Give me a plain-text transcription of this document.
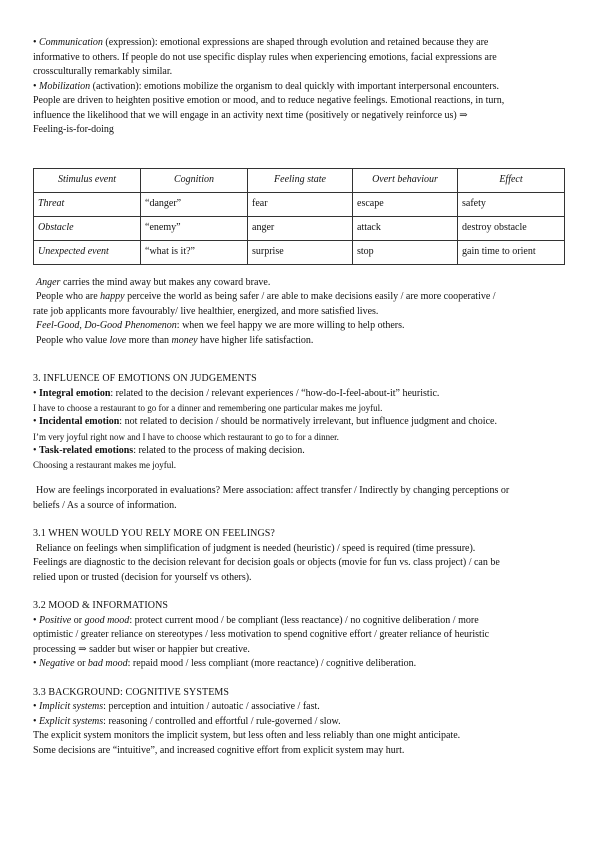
• Communication (expression): emotional expressions are shaped through evolution and retained because they are

informative to others. If people do not use specific display rules when experiencing emotions, facial expressions are

crossculturally remarkably similar.

• Mobilization (activation): emotions mobilize the organism to deal quickly with important interpersonal encounters.

People are driven to heighten positive emotion or mood, and to reduce negative feelings. Emotional reactions, in turn,

influence the likelihood that we will engage in an activity next time (positively or negatively reinforce us) ⇒

Feeling-is-for-doing

Stimulus event	Cognition	Feeling state	Overt behaviour	Effect
Threat	“danger”	fear	escape	safety
Obstacle	“enemy”	anger	attack	destroy obstacle
Unexpected event	“what is it?”	surprise	stop	gain time to orient

Anger carries the mind away but makes any coward brave.

People who are happy perceive the world as being safer / are able to make decisions easily / are more cooperative /

rate job applicants more favourably/ live healthier, energized, and more satisfied lives.

Feel-Good, Do-Good Phenomenon: when we feel happy we are more willing to help others.

People who value love more than money have higher life satisfaction.

3. INFLUENCE OF EMOTIONS ON JUDGEMENTS

• Integral emotion: related to the decision / relevant experiences / “how-do-I-feel-about-it” heuristic.

I have to choose a restaurant to go for a dinner and remembering one particular makes me joyful.

• Incidental emotion: not related to decision / should be normatively irrelevant, but influence judgment and choice.

I’m very joyful right now and I have to choose which restaurant to go to for a dinner.

• Task-related emotions: related to the process of making decision.

Choosing a restaurant makes me joyful.

How are feelings incorporated in evaluations? Mere association: affect transfer / Indirectly by changing perceptions or

beliefs / As a source of information.

3.1 WHEN WOULD YOU RELY MORE ON FEELINGS?

Reliance on feelings when simplification of judgment is needed (heuristic) / speed is required (time pressure).

Feelings are diagnostic to the decision relevant for decision goals or objects (movie for fun vs. class project) / can be

relied upon or trusted (decision for yourself vs others).

3.2 MOOD & INFORMATIONS

• Positive or good mood: protect current mood / be compliant (less reactance) / no cognitive deliberation / more

optimistic / greater reliance on stereotypes / less motivation to spend cognitive effort / greater reliance of heuristic

processing ⇒ sadder but wiser or happier but creative.

• Negative or bad mood: repaid mood / less compliant (more reactance) / cognitive deliberation.

3.3 BACKGROUND: COGNITIVE SYSTEMS

• Implicit systems: perception and intuition / autoatic / associative / fast.

• Explicit systems: reasoning / controlled and effortful / rule-governed / slow.

The explicit system monitors the implicit system, but less often and less reliably than one might anticipate.

Some decisions are “intuitive”, and increased cognitive effort from explicit system may hurt.
